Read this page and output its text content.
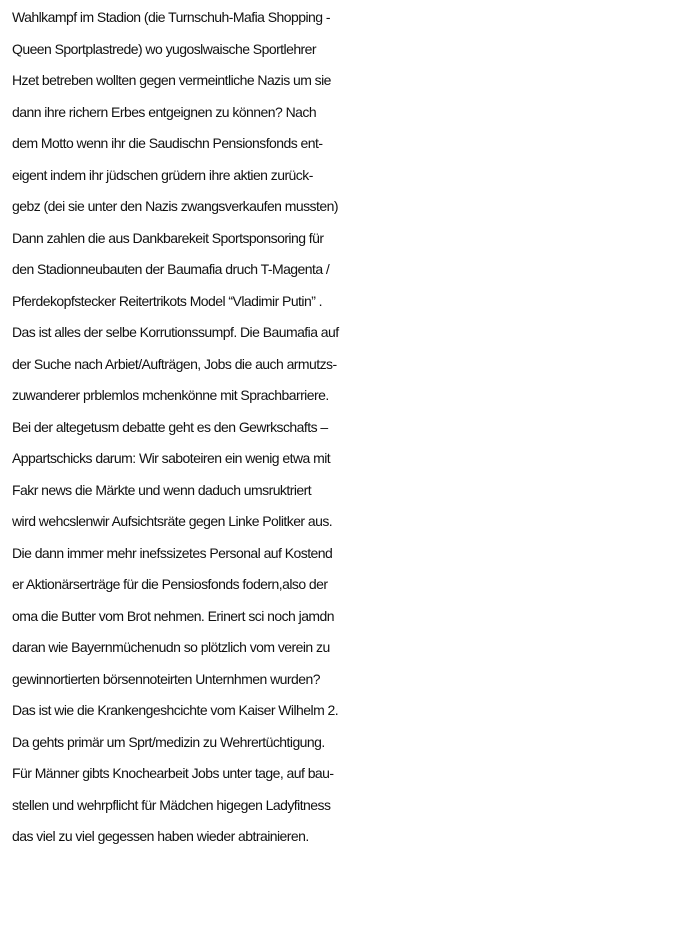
Wahlkampf im Stadion (die Turnschuh-Mafia Shopping -
Queen Sportplastrede) wo yugoslwaische Sportlehrer
Hzet betreben wollten gegen vermeintliche Nazis um sie
dann ihre richern Erbes entgeignen zu können? Nach
dem Motto wenn ihr die Saudischn Pensionsfonds ent-
eigent indem ihr jüdschen grüdern ihre aktien zurück-
gebz (dei sie unter den Nazis zwangsverkaufen mussten)
Dann zahlen die aus Dankbarekeit Sportsponsoring für
den Stadionneubauten der Baumafia druch T-Magenta /
Pferdekopfstecker Reitertrikots Model “Vladimir Putin” .
Das ist alles der selbe Korrutionssumpf. Die Baumafia auf
der Suche nach Arbiet/Aufträgen, Jobs die auch armutzs-
zuwanderer prblemlos mchenkönne mit Sprachbarriere.
Bei der altegetusm debatte geht es den Gewrkschafts –
Appartschicks darum: Wir saboteiren ein wenig etwa mit
Fakr news die Märkte und wenn daduch umsruktriert
wird wehcslenwir Aufsichtsräte gegen Linke Politker aus.
Die dann immer mehr inefssizetes Personal auf Kostend
er Aktionärserträge für die Pensiosfonds fodern,also der
oma die Butter vom Brot nehmen. Erinert sci noch jamdn
daran wie Bayernmüchenudn so plötzlich vom verein zu
gewinnortierten börsennoteirten Unternhmen wurden?
Das ist wie die Krankengeshcichte vom Kaiser Wilhelm 2.
Da gehts primär um Sprt/medizin zu Wehrertüchtigung.
Für Männer gibts Knochearbeit Jobs unter tage, auf bau-
stellen und wehrpflicht für Mädchen higegen Ladyfitness
das viel zu viel gegessen haben wieder abtrainieren.
